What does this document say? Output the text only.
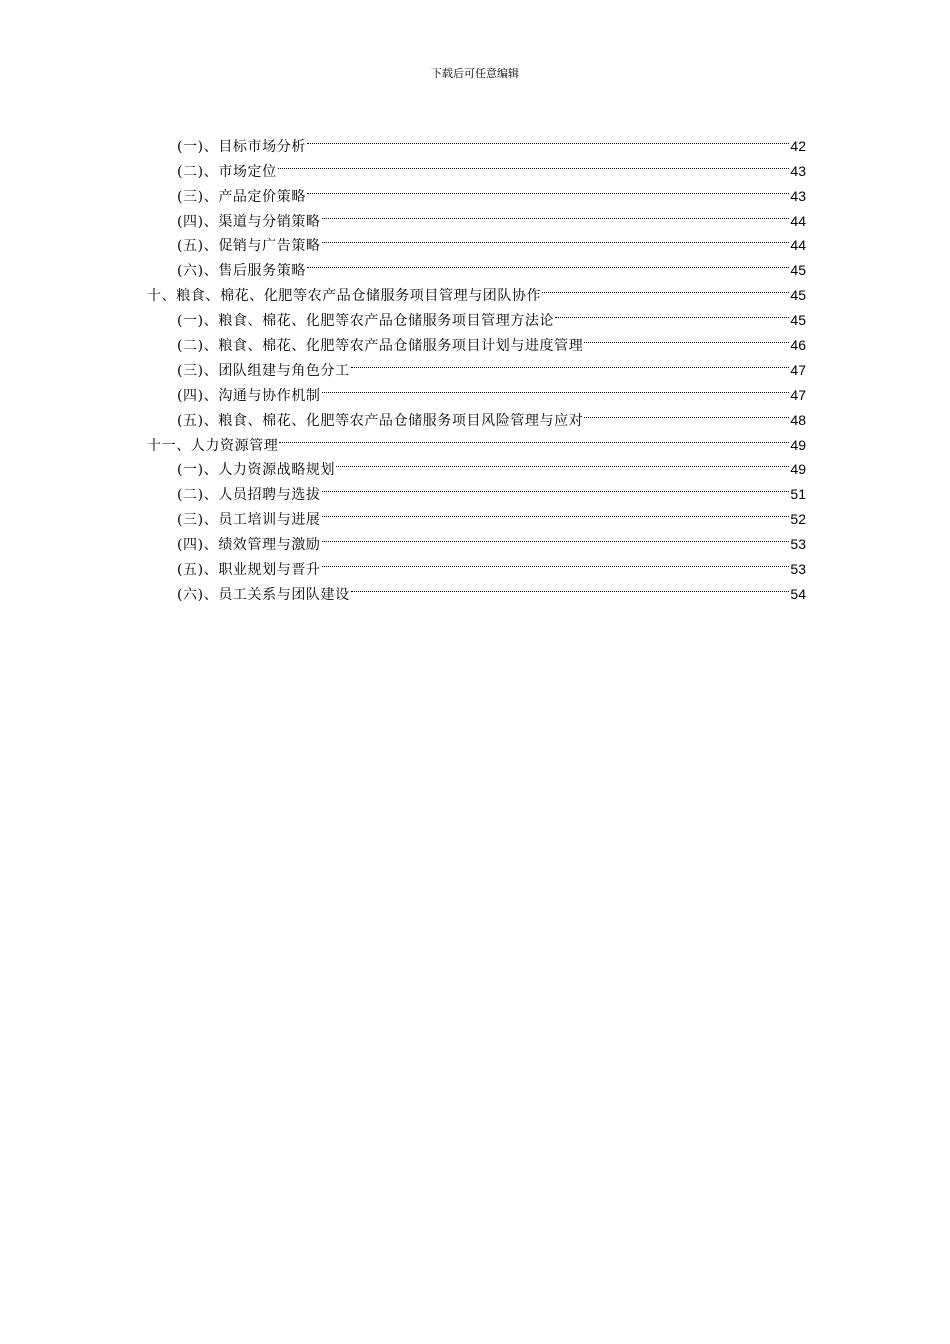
下载后可任意编辑
(一)、目标市场分析	42
(二)、市场定位	43
(三)、产品定价策略	43
(四)、渠道与分销策略	44
(五)、促销与广告策略	44
(六)、售后服务策略	45
十、粮食、棉花、化肥等农产品仓储服务项目管理与团队协作	45
(一)、粮食、棉花、化肥等农产品仓储服务项目管理方法论	45
(二)、粮食、棉花、化肥等农产品仓储服务项目计划与进度管理	46
(三)、团队组建与角色分工	47
(四)、沟通与协作机制	47
(五)、粮食、棉花、化肥等农产品仓储服务项目风险管理与应对	48
十一、人力资源管理	49
(一)、人力资源战略规划	49
(二)、人员招聘与选拔	51
(三)、员工培训与进展	52
(四)、绩效管理与激励	53
(五)、职业规划与晋升	53
(六)、员工关系与团队建设	54
